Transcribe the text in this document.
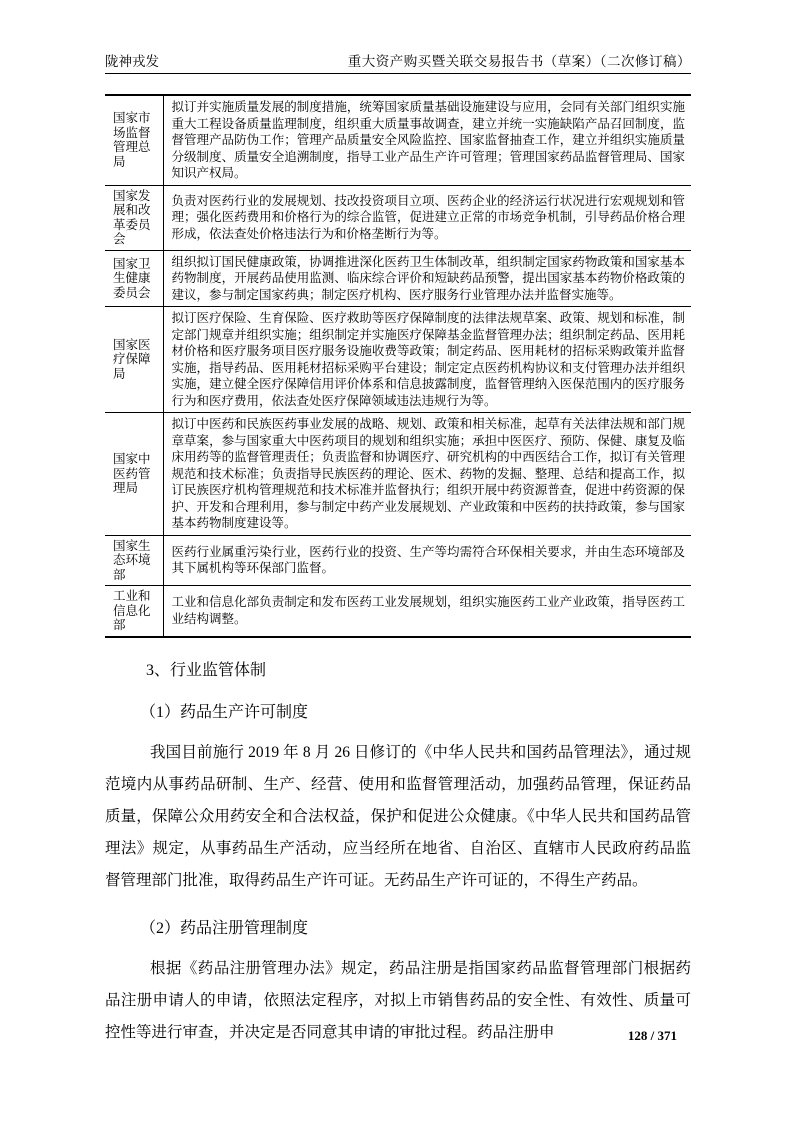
陇神戎发	重大资产购买暨关联交易报告书（草案）（二次修订稿）
国家市场监督管理总局	拟订并实施质量发展的制度措施，统筹国家质量基础设施建设与应用，会同有关部门组织实施重大工程设备质量监理制度，组织重大质量事故调查，建立并统一实施缺陷产品召回制度，监督管理产品防伪工作；管理产品质量安全风险监控、国家监督抽查工作，建立并组织实施质量分级制度、质量安全追溯制度，指导工业产品生产许可管理；管理国家药品监督管理局、国家知识产权局。
国家发展和改革委员会	负责对医药行业的发展规划、技改投资项目立项、医药企业的经济运行状况进行宏观规划和管理；强化医药费用和价格行为的综合监管，促进建立正常的市场竞争机制，引导药品价格合理形成，依法查处价格违法行为和价格垄断行为等。
国家卫生健康委员会	组织拟订国民健康政策，协调推进深化医药卫生体制改革，组织制定国家药物政策和国家基本药物制度，开展药品使用监测、临床综合评价和短缺药品预警，提出国家基本药物价格政策的建议，参与制定国家药典；制定医疗机构、医疗服务行业管理办法并监督实施等。
国家医疗保障局	拟订医疗保险、生育保险、医疗救助等医疗保障制度的法律法规草案、政策、规划和标准，制定部门规章并组织实施；组织制定并实施医疗保障基金监督管理办法；组织制定药品、医用耗材价格和医疗服务项目医疗服务设施收费等政策；制定药品、医用耗材的招标采购政策并监督实施，指导药品、医用耗材招标采购平台建设；制定定点医药机构协议和支付管理办法并组织实施，建立健全医疗保障信用评价体系和信息披露制度，监督管理纳入医保范围内的医疗服务行为和医疗费用，依法查处医疗保障领域违法违规行为等。
国家中医药管理局	拟订中医药和民族医药事业发展的战略、规划、政策和相关标准，起草有关法律法规和部门规章草案，参与国家重大中医药项目的规划和组织实施；承担中医医疗、预防、保健、康复及临床用药等的监督管理责任；负责监督和协调医疗、研究机构的中西医结合工作，拟订有关管理规范和技术标准；负责指导民族医药的理论、医术、药物的发掘、整理、总结和提高工作，拟订民族医疗机构管理规范和技术标准并监督执行；组织开展中药资源普查，促进中药资源的保护、开发和合理利用，参与制定中药产业发展规划、产业政策和中医药的扶持政策，参与国家基本药物制度建设等。
国家生态环境部	医药行业属重污染行业，医药行业的投资、生产等均需符合环保相关要求，并由生态环境部及其下属机构等环保部门监督。
工业和信息化部	工业和信息化部负责制定和发布医药工业发展规划，组织实施医药工业产业政策，指导医药工业结构调整。
3、行业监管体制
（1）药品生产许可制度

我国目前施行 2019 年 8 月 26 日修订的《中华人民共和国药品管理法》，通过规范境内从事药品研制、生产、经营、使用和监督管理活动，加强药品管理，保证药品质量，保障公众用药安全和合法权益，保护和促进公众健康。《中华人民共和国药品管理法》规定，从事药品生产活动，应当经所在地省、自治区、直辖市人民政府药品监督管理部门批准，取得药品生产许可证。无药品生产许可证的，不得生产药品。

（2）药品注册管理制度

根据《药品注册管理办法》规定，药品注册是指国家药品监督管理部门根据药品注册申请人的申请，依照法定程序，对拟上市销售药品的安全性、有效性、质量可控性等进行审查，并决定是否同意其申请的审批过程。药品注册申	128 / 371
